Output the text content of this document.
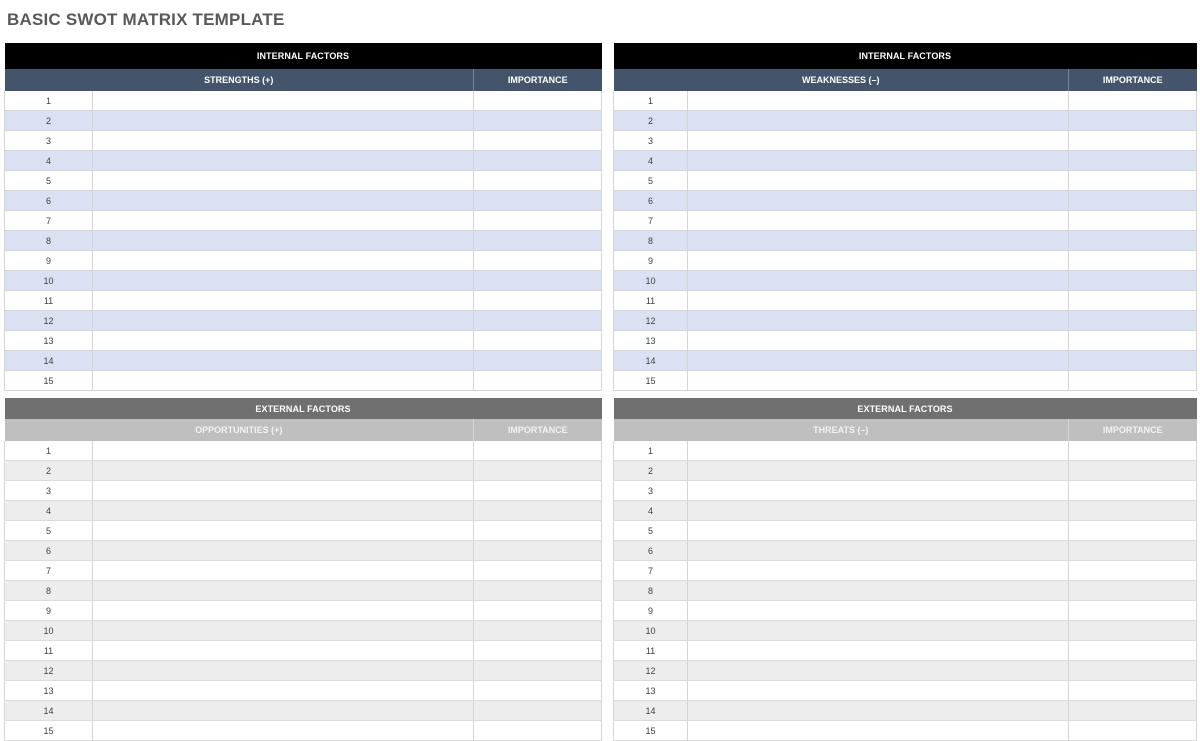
BASIC SWOT MATRIX TEMPLATE
INTERNAL FACTORS		
STRENGTHS (+)		IMPORTANCE
1		
2		
3		
4		
5		
6		
7		
8		
9		
10		
11		
12		
13		
14		
15		
INTERNAL FACTORS		
WEAKNESSES (–)		IMPORTANCE
1		
2		
3		
4		
5		
6		
7		
8		
9		
10		
11		
12		
13		
14		
15		
EXTERNAL FACTORS		
OPPORTUNITIES (+)		IMPORTANCE
1		
2		
3		
4		
5		
6		
7		
8		
9		
10		
11		
12		
13		
14		
15		
EXTERNAL FACTORS		
THREATS (–)		IMPORTANCE
1		
2		
3		
4		
5		
6		
7		
8		
9		
10		
11		
12		
13		
14		
15		
